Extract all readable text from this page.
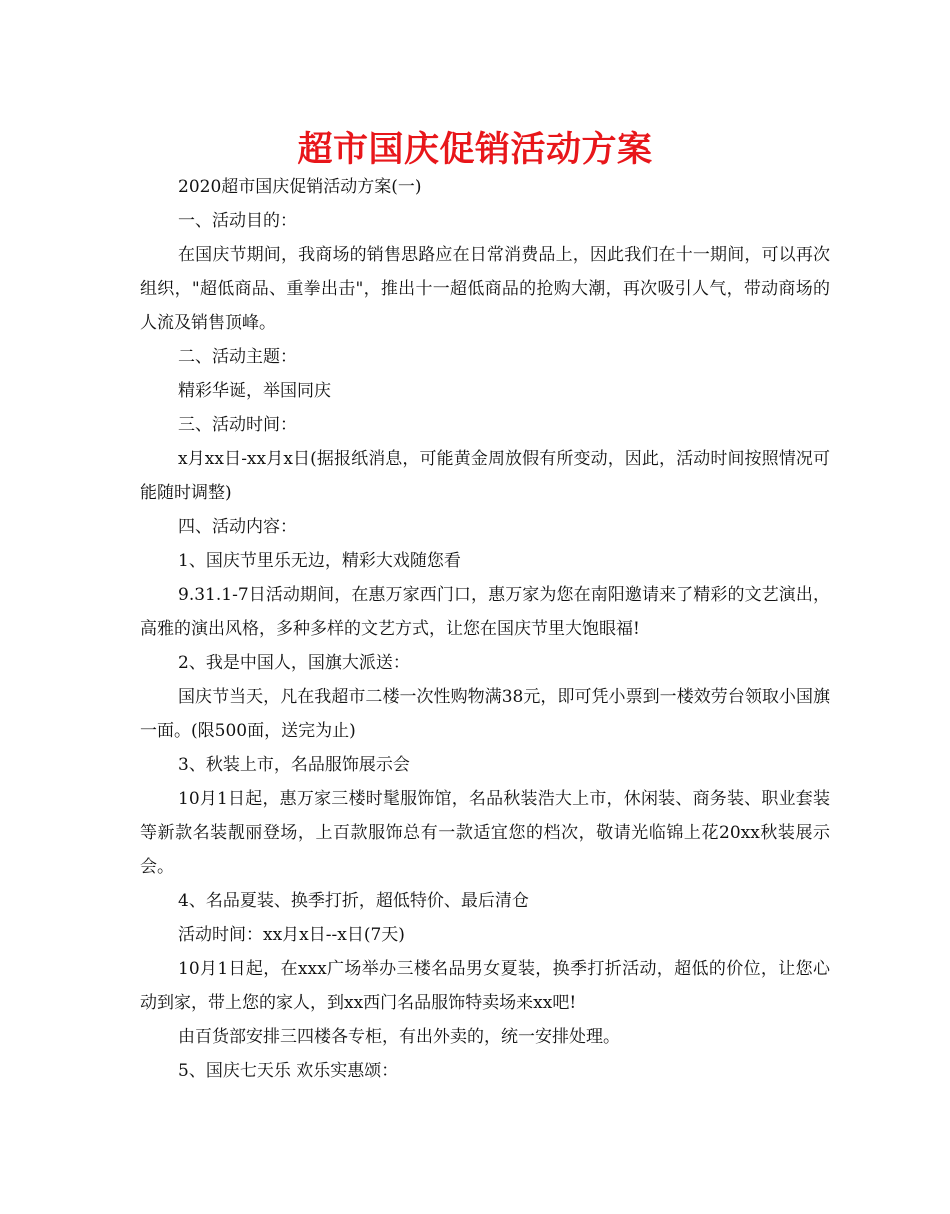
超市国庆促销活动方案

2020超市国庆促销活动方案(一)

一、活动目的：

在国庆节期间，我商场的销售思路应在日常消费品上，因此我们在十一期间，可以再次组织，"超低商品、重拳出击"，推出十一超低商品的抢购大潮，再次吸引人气，带动商场的人流及销售顶峰。

二、活动主题：

精彩华诞，举国同庆

三、活动时间：

x月xx日-xx月x日(据报纸消息，可能黄金周放假有所变动，因此，活动时间按照情况可能随时调整)

四、活动内容：

1、国庆节里乐无边，精彩大戏随您看

9.31.1-7日活动期间，在惠万家西门口，惠万家为您在南阳邀请来了精彩的文艺演出，高雅的演出风格，多种多样的文艺方式，让您在国庆节里大饱眼福!

2、我是中国人，国旗大派送：

国庆节当天，凡在我超市二楼一次性购物满38元，即可凭小票到一楼效劳台领取小国旗一面。(限500面，送完为止)

3、秋装上市，名品服饰展示会

10月1日起，惠万家三楼时髦服饰馆，名品秋装浩大上市，休闲装、商务装、职业套装等新款名装靓丽登场，上百款服饰总有一款适宜您的档次，敬请光临锦上花20xx秋装展示会。

4、名品夏装、换季打折，超低特价、最后清仓

活动时间：xx月x日--x日(7天)

10月1日起，在xxx广场举办三楼名品男女夏装，换季打折活动，超低的价位，让您心动到家，带上您的家人，到xx西门名品服饰特卖场来xx吧!

由百货部安排三四楼各专柜，有出外卖的，统一安排处理。

5、国庆七天乐 欢乐实惠颂：
